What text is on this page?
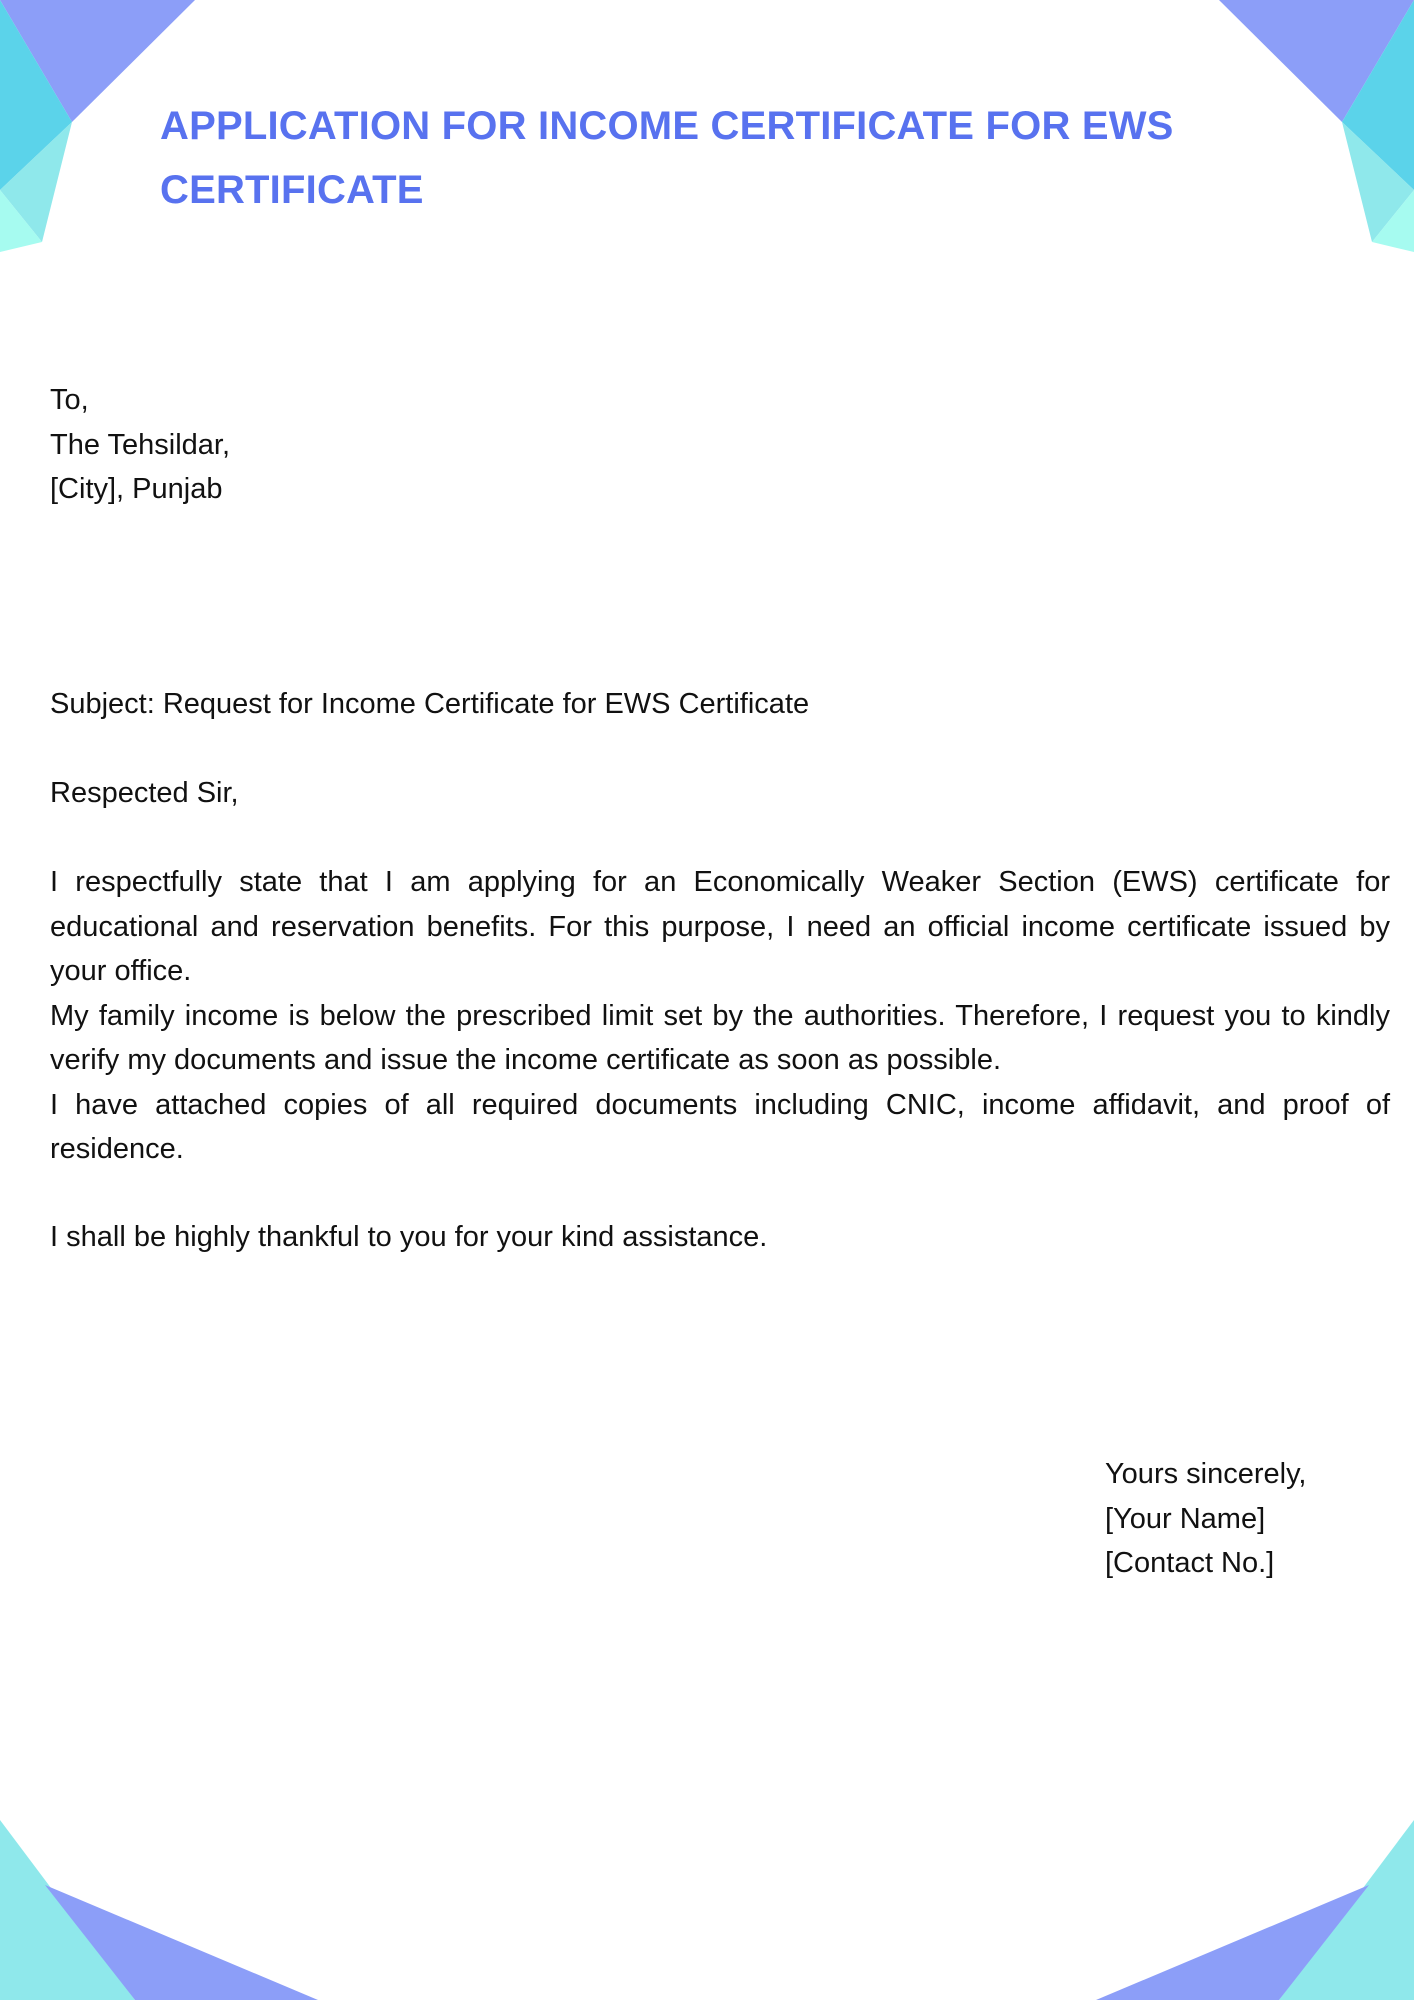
APPLICATION FOR INCOME CERTIFICATE FOR EWS CERTIFICATE

To,

The Tehsildar,

[City], Punjab

Subject: Request for Income Certificate for EWS Certificate

Respected Sir,

I respectfully state that I am applying for an Economically Weaker Section (EWS) certificate for educational and reservation benefits. For this purpose, I need an official income certificate issued by your office.

My family income is below the prescribed limit set by the authorities. Therefore, I request you to kindly verify my documents and issue the income certificate as soon as possible.

I have attached copies of all required documents including CNIC, income affidavit, and proof of residence.

I shall be highly thankful to you for your kind assistance.

Yours sincerely,

[Your Name]

[Contact No.]
